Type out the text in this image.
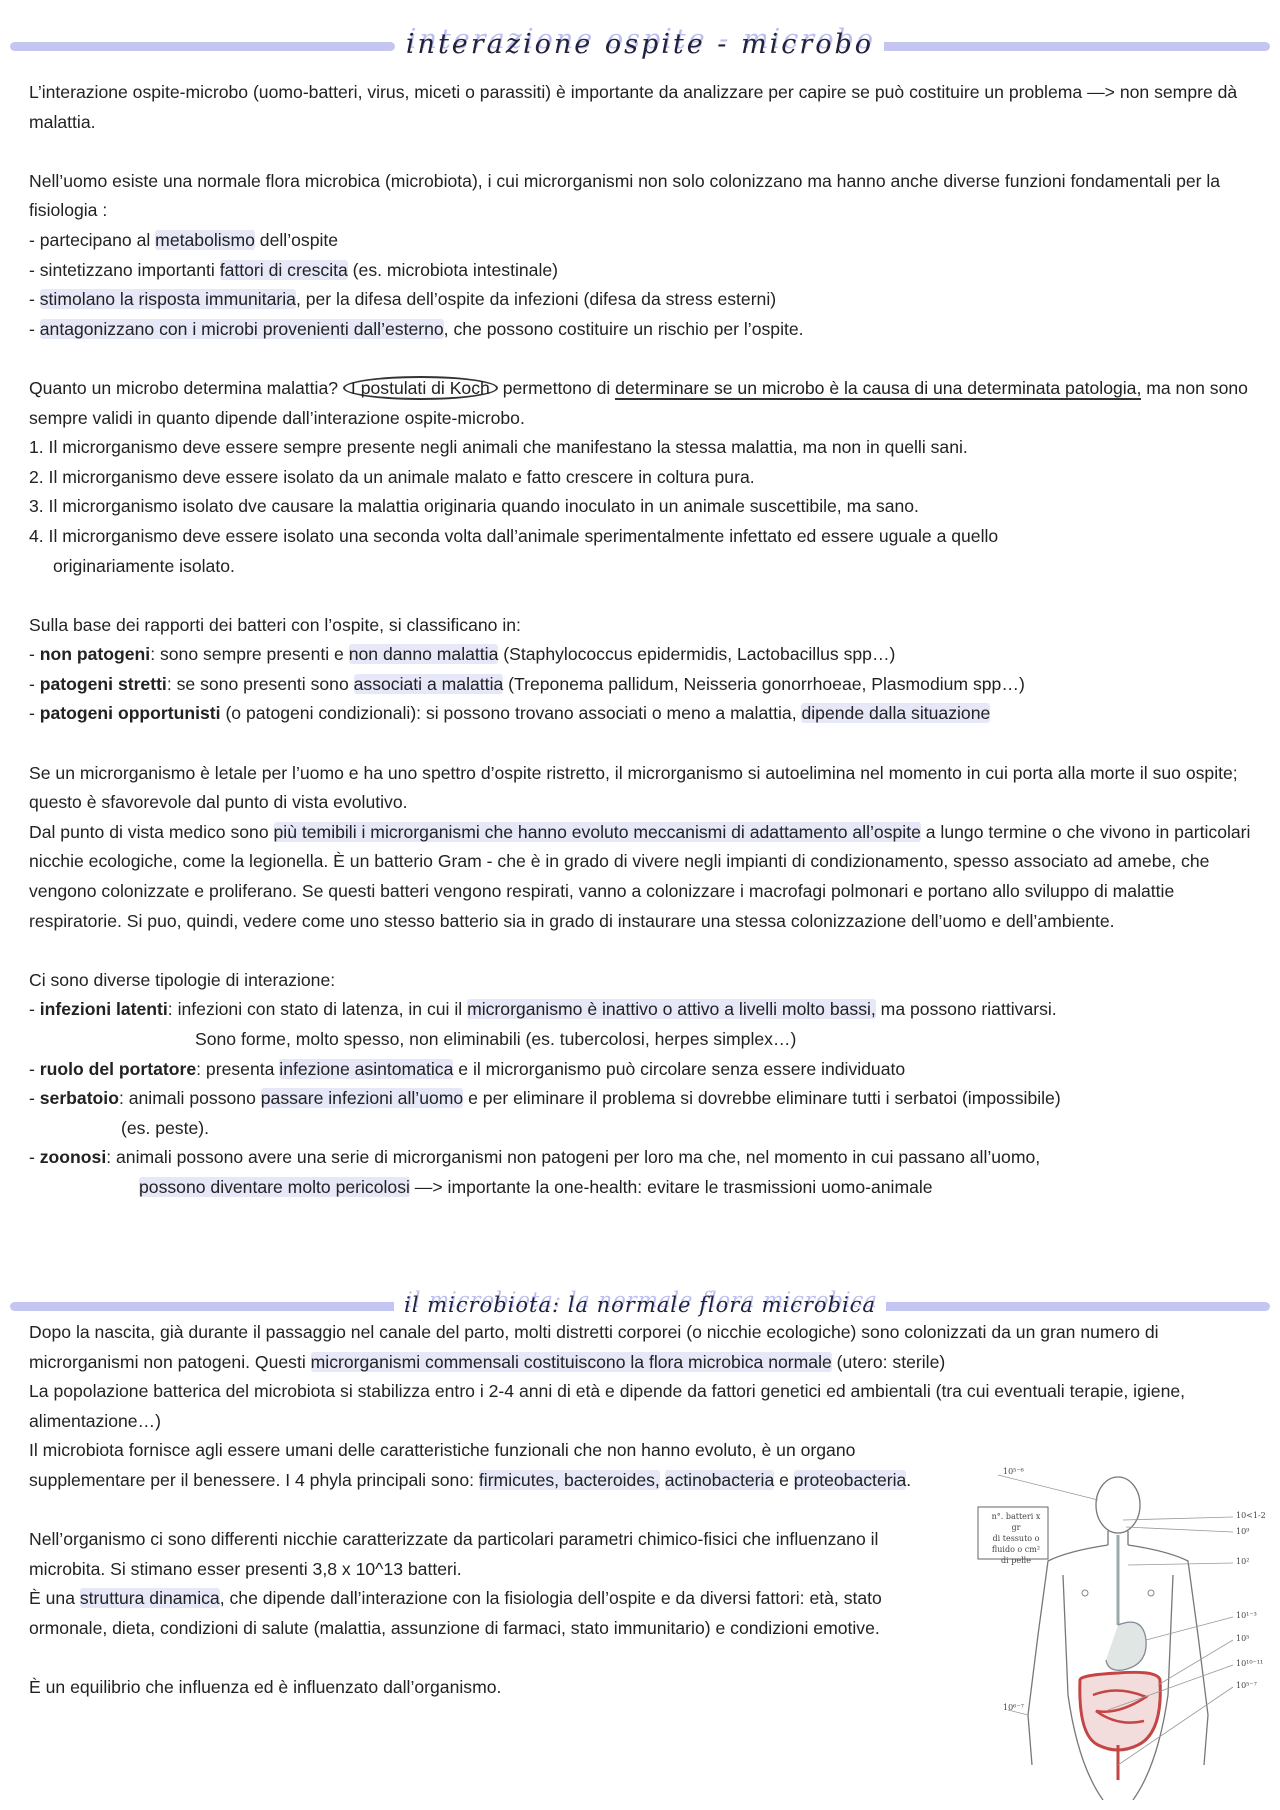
interazione ospite - microbo

L’interazione ospite-microbo (uomo-batteri, virus, miceti o parassiti) è importante da analizzare per capire se può costituire un problema —> non sempre dà malattia.

Nell’uomo esiste una normale flora microbica (microbiota), i cui microrganismi non solo colonizzano ma hanno anche diverse funzioni fondamentali per la fisiologia :

- partecipano al metabolismo dell’ospite

- sintetizzano importanti fattori di crescita (es. microbiota intestinale)

- stimolano la risposta immunitaria, per la difesa dell’ospite da infezioni (difesa da stress esterni)

- antagonizzano con i microbi provenienti dall’esterno, che possono costituire un rischio per l’ospite.

Quanto un microbo determina malattia? I postulati di Koch permettono di determinare se un microbo è la causa di una determinata patologia, ma non sono sempre validi in quanto dipende dall’interazione ospite-microbo.

1. Il microrganismo deve essere sempre presente negli animali che manifestano la stessa malattia, ma non in quelli sani.

2. Il microrganismo deve essere isolato da un animale malato e fatto crescere in coltura pura.

3. Il microrganismo isolato dve causare la malattia originaria quando inoculato in un animale suscettibile, ma sano.

4. Il microrganismo deve essere isolato una seconda volta dall’animale sperimentalmente infettato ed essere uguale a quello

originariamente isolato.

Sulla base dei rapporti dei batteri con l’ospite, si classificano in:

- non patogeni: sono sempre presenti e non danno malattia (Staphylococcus epidermidis, Lactobacillus spp…)

- patogeni stretti: se sono presenti sono associati a malattia (Treponema pallidum, Neisseria gonorrhoeae, Plasmodium spp…)

- patogeni opportunisti (o patogeni condizionali): si possono trovano associati o meno a malattia, dipende dalla situazione

Se un microrganismo è letale per l’uomo e ha uno spettro d’ospite ristretto, il microrganismo si autoelimina nel momento in cui porta alla morte il suo ospite; questo è sfavorevole dal punto di vista evolutivo.

Dal punto di vista medico sono più temibili i microrganismi che hanno evoluto meccanismi di adattamento all’ospite a lungo termine o che vivono in particolari nicchie ecologiche, come la legionella. È un batterio Gram - che è in grado di vivere negli impianti di condizionamento, spesso associato ad amebe, che vengono colonizzate e proliferano. Se questi batteri vengono respirati, vanno a colonizzare i macrofagi polmonari e portano allo sviluppo di malattie respiratorie. Si puo, quindi, vedere come uno stesso batterio sia in grado di instaurare una stessa colonizzazione dell’uomo e dell’ambiente.

Ci sono diverse tipologie di interazione:

- infezioni latenti: infezioni con stato di latenza, in cui il microrganismo è inattivo o attivo a livelli molto bassi, ma possono riattivarsi.

Sono forme, molto spesso, non eliminabili (es. tubercolosi, herpes simplex…)

- ruolo del portatore: presenta infezione asintomatica e il microrganismo può circolare senza essere individuato

- serbatoio: animali possono passare infezioni all’uomo e per eliminare il problema si dovrebbe eliminare tutti i serbatoi (impossibile)

(es. peste).

- zoonosi: animali possono avere una serie di microrganismi non patogeni per loro ma che, nel momento in cui passano all’uomo,

possono diventare molto pericolosi —> importante la one-health: evitare le trasmissioni uomo-animale

il microbiota: la normale flora microbica

Dopo la nascita, già durante il passaggio nel canale del parto, molti distretti corporei (o nicchie ecologiche) sono colonizzati da un gran numero di microrganismi non patogeni. Questi microrganismi commensali costituiscono la flora microbica normale (utero: sterile)

La popolazione batterica del microbiota si stabilizza entro i 2-4 anni di età e dipende da fattori genetici ed ambientali (tra cui eventuali terapie, igiene, alimentazione…)

Il microbiota fornisce agli essere umani delle caratteristiche funzionali che non hanno evoluto, è un organo supplementare per il benessere. I 4 phyla principali sono: firmicutes, bacteroides, actinobacteria e proteobacteria.

Nell’organismo ci sono differenti nicchie caratterizzate da particolari parametri chimico-fisici che influenzano il microbita. Si stimano esser presenti 3,8 x 10^13 batteri.

È una struttura dinamica, che dipende dall’interazione con la fisiologia dell’ospite e da diversi fattori: età, stato ormonale, dieta, condizioni di salute (malattia, assunzione di farmaci, stato immunitario) e condizioni emotive.

È un equilibrio che influenza ed è influenzato dall’organismo.

n°. batteri x gr
di tessuto o
fluido o cm²
di pelle
10⁵⁻⁶
10<1-2
10⁹
10²
10¹⁻³
10⁶⁻⁷
10⁵
10¹⁰⁻¹¹
10⁵⁻⁷
